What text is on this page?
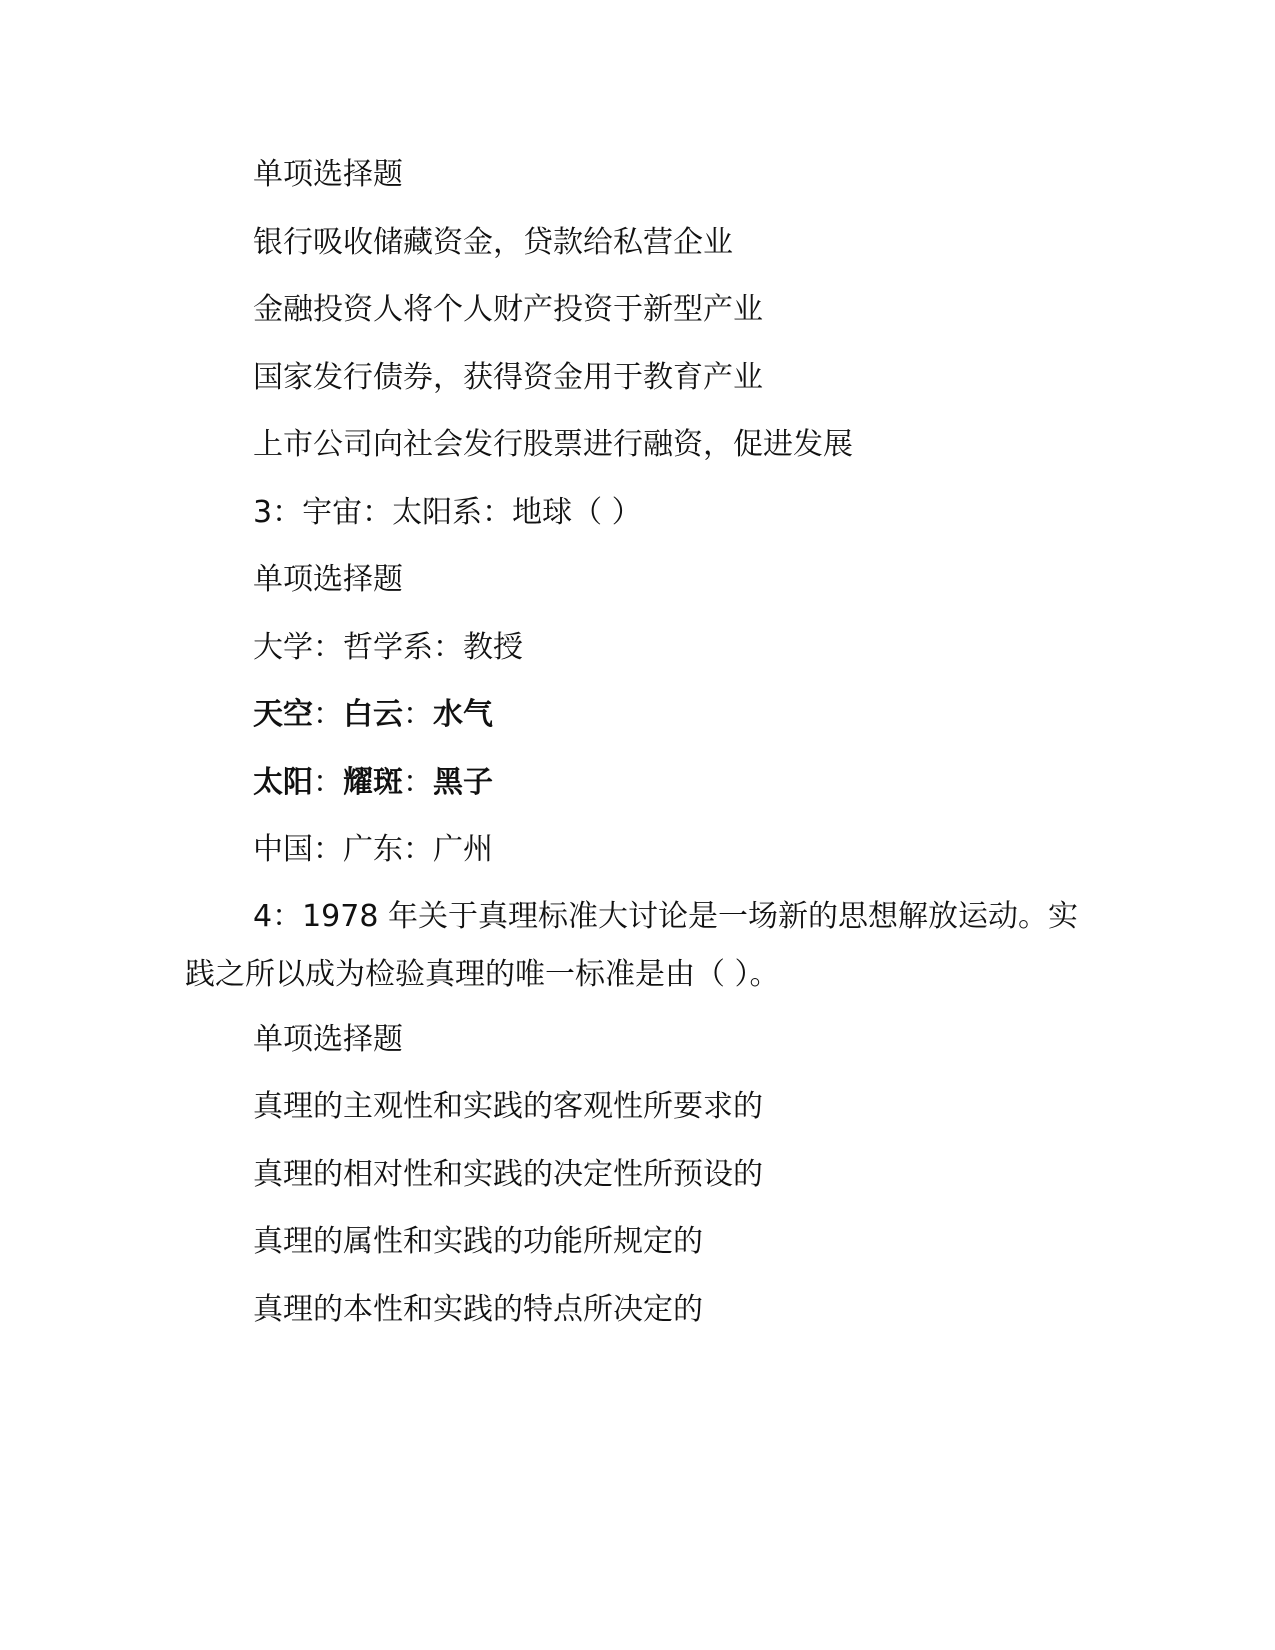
单项选择题
银行吸收储藏资金，贷款给私营企业
金融投资人将个人财产投资于新型产业
国家发行债券，获得资金用于教育产业
上市公司向社会发行股票进行融资，促进发展
3：宇宙：太阳系：地球（ ）
单项选择题
大学：哲学系：教授
天空：白云：水气
太阳：耀斑：黑子
中国：广东：广州
4：1978 年关于真理标准大讨论是一场新的思想解放运动。实践之所以成为检验真理的唯一标准是由（ ）。
单项选择题
真理的主观性和实践的客观性所要求的
真理的相对性和实践的决定性所预设的
真理的属性和实践的功能所规定的
真理的本性和实践的特点所决定的
